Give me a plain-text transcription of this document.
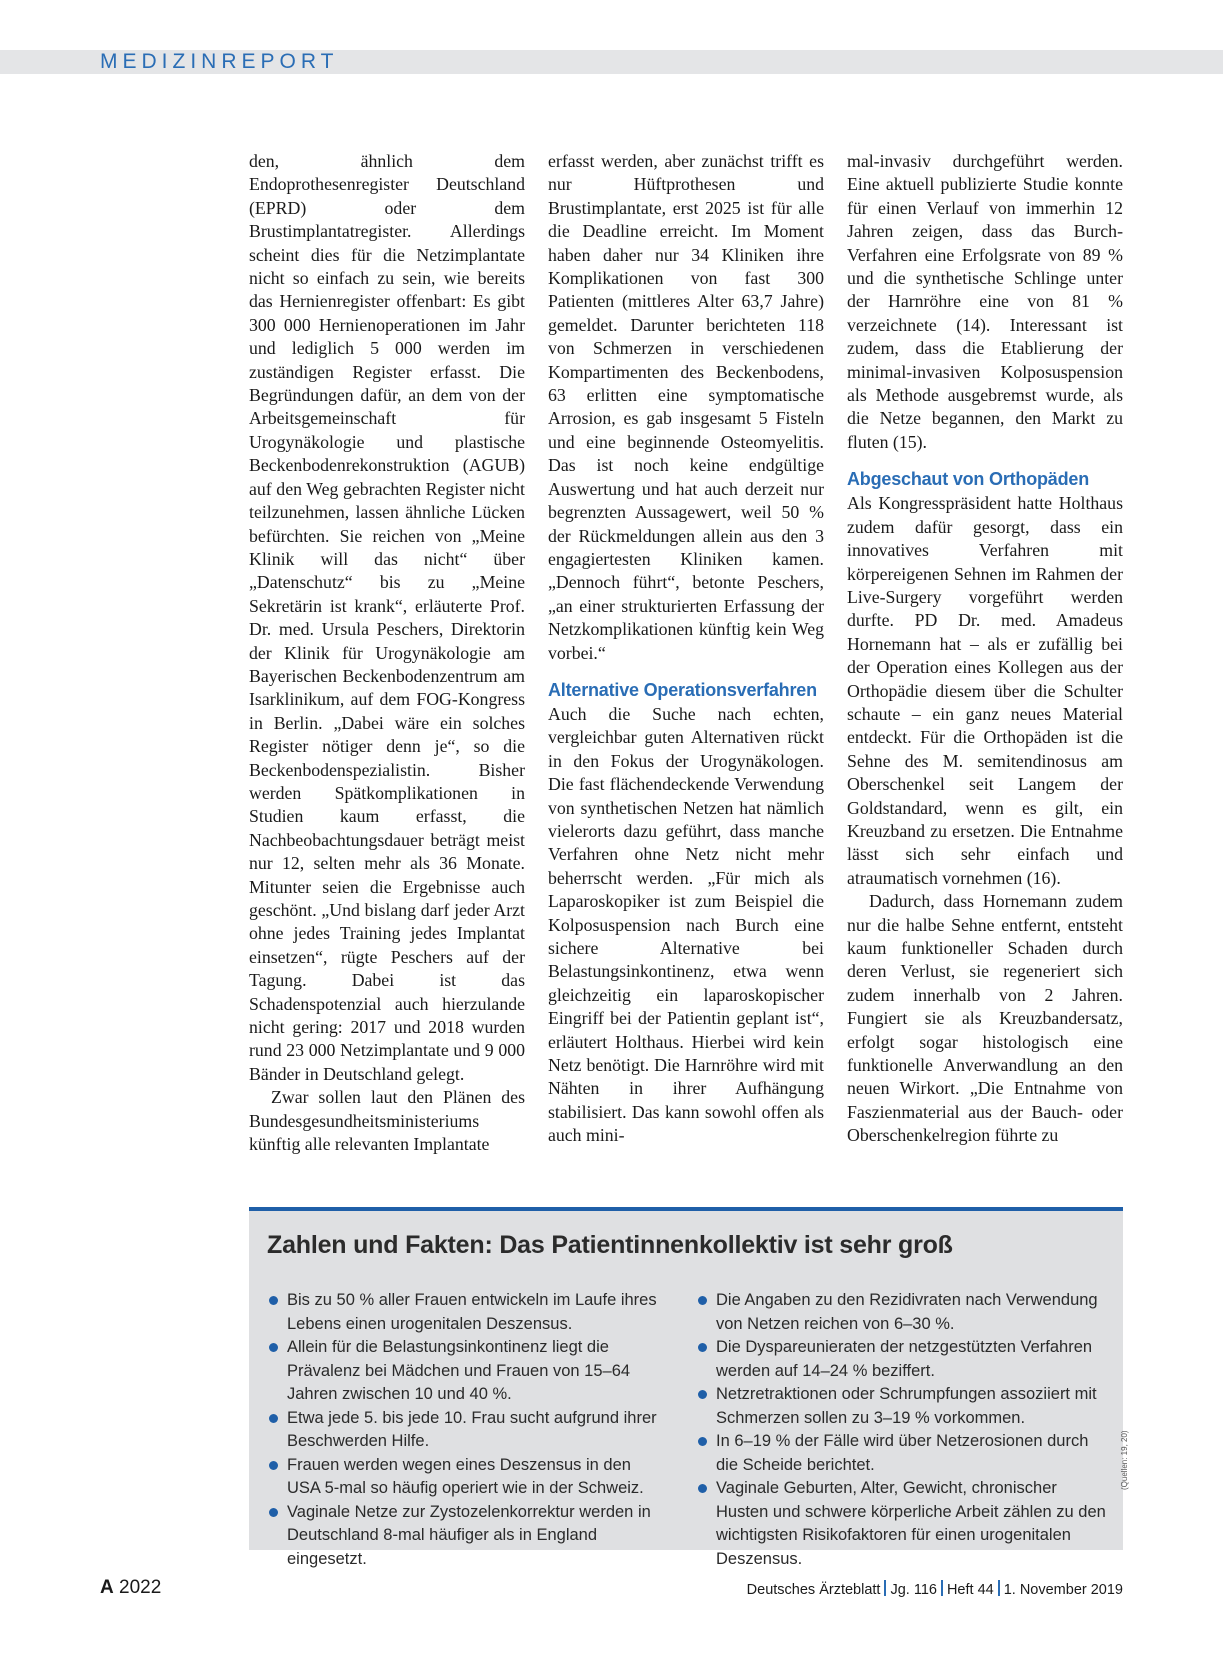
MEDIZINREPORT

den, ähnlich dem Endoprothesenregister Deutschland (EPRD) oder dem Brustimplantatregister. Allerdings scheint dies für die Netzimplantate nicht so einfach zu sein, wie bereits das Hernienregister offenbart: Es gibt 300 000 Hernienoperationen im Jahr und lediglich 5 000 werden im zuständigen Register erfasst. Die Begründungen dafür, an dem von der Arbeitsgemeinschaft für Urogynäkologie und plastische Beckenbodenrekonstruktion (AGUB) auf den Weg gebrachten Register nicht teilzunehmen, lassen ähnliche Lücken befürchten. Sie reichen von „Meine Klinik will das nicht“ über „Datenschutz“ bis zu „Meine Sekretärin ist krank“, erläuterte Prof. Dr. med. Ursula Peschers, Direktorin der Klinik für Urogynäkologie am Bayerischen Beckenbodenzentrum am Isarklinikum, auf dem FOG-Kongress in Berlin. „Dabei wäre ein solches Register nötiger denn je“, so die Beckenbodenspezialistin. Bisher werden Spätkomplikationen in Studien kaum erfasst, die Nachbeobachtungsdauer beträgt meist nur 12, selten mehr als 36 Monate. Mitunter seien die Ergebnisse auch geschönt. „Und bislang darf jeder Arzt ohne jedes Training jedes Implantat einsetzen“, rügte Peschers auf der Tagung. Dabei ist das Schadenspotenzial auch hierzulande nicht gering: 2017 und 2018 wurden rund 23 000 Netzimplantate und 9 000 Bänder in Deutschland gelegt.

Zwar sollen laut den Plänen des Bundesgesundheitsministeriums künftig alle relevanten Implantate

erfasst werden, aber zunächst trifft es nur Hüftprothesen und Brustimplantate, erst 2025 ist für alle die Deadline erreicht. Im Moment haben daher nur 34 Kliniken ihre Komplikationen von fast 300 Patienten (mittleres Alter 63,7 Jahre) gemeldet. Darunter berichteten 118 von Schmerzen in verschiedenen Kompartimenten des Beckenbodens, 63 erlitten eine symptomatische Arrosion, es gab insgesamt 5 Fisteln und eine beginnende Osteomyelitis. Das ist noch keine endgültige Auswertung und hat auch derzeit nur begrenzten Aussagewert, weil 50 % der Rückmeldungen allein aus den 3 engagiertesten Kliniken kamen. „Dennoch führt“, betonte Peschers, „an einer strukturierten Erfassung der Netzkomplikationen künftig kein Weg vorbei.“

Alternative Operationsverfahren

Auch die Suche nach echten, vergleichbar guten Alternativen rückt in den Fokus der Urogynäkologen. Die fast flächendeckende Verwendung von synthetischen Netzen hat nämlich vielerorts dazu geführt, dass manche Verfahren ohne Netz nicht mehr beherrscht werden. „Für mich als Laparoskopiker ist zum Beispiel die Kolposuspension nach Burch eine sichere Alternative bei Belastungsinkontinenz, etwa wenn gleichzeitig ein laparoskopischer Eingriff bei der Patientin geplant ist“, erläutert Holthaus. Hierbei wird kein Netz benötigt. Die Harnröhre wird mit Nähten in ihrer Aufhängung stabilisiert. Das kann sowohl offen als auch mini-

mal-invasiv durchgeführt werden. Eine aktuell publizierte Studie konnte für einen Verlauf von immerhin 12 Jahren zeigen, dass das Burch-Verfahren eine Erfolgsrate von 89 % und die synthetische Schlinge unter der Harnröhre eine von 81 % verzeichnete (14). Interessant ist zudem, dass die Etablierung der minimal-invasiven Kolposuspension als Methode ausgebremst wurde, als die Netze begannen, den Markt zu fluten (15).

Abgeschaut von Orthopäden

Als Kongresspräsident hatte Holthaus zudem dafür gesorgt, dass ein innovatives Verfahren mit körpereigenen Sehnen im Rahmen der Live-Surgery vorgeführt werden durfte. PD Dr. med. Amadeus Hornemann hat – als er zufällig bei der Operation eines Kollegen aus der Orthopädie diesem über die Schulter schaute – ein ganz neues Material entdeckt. Für die Orthopäden ist die Sehne des M. semitendinosus am Oberschenkel seit Langem der Goldstandard, wenn es gilt, ein Kreuzband zu ersetzen. Die Entnahme lässt sich sehr einfach und atraumatisch vornehmen (16).

Dadurch, dass Hornemann zudem nur die halbe Sehne entfernt, entsteht kaum funktioneller Schaden durch deren Verlust, sie regeneriert sich zudem innerhalb von 2 Jahren. Fungiert sie als Kreuzbandersatz, erfolgt sogar histologisch eine funktionelle Anverwandlung an den neuen Wirkort. „Die Entnahme von Faszienmaterial aus der Bauch- oder Oberschenkelregion führte zu

Zahlen und Fakten: Das Patientinnenkollektiv ist sehr groß
Bis zu 50 % aller Frauen entwickeln im Laufe ihres Lebens einen urogenitalen Deszensus.
Allein für die Belastungsinkontinenz liegt die Prävalenz bei Mädchen und Frauen von 15–64 Jahren zwischen 10 und 40 %.
Etwa jede 5. bis jede 10. Frau sucht aufgrund ihrer Beschwerden Hilfe.
Frauen werden wegen eines Deszensus in den USA 5-mal so häufig operiert wie in der Schweiz.
Vaginale Netze zur Zystozelenkorrektur werden in Deutschland 8-mal häufiger als in England eingesetzt.
Die Angaben zu den Rezidivraten nach Verwendung von Netzen reichen von 6–30 %.
Die Dyspareunieraten der netzgestützten Verfahren werden auf 14–24 % beziffert.
Netzretraktionen oder Schrumpfungen assoziiert mit Schmerzen sollen zu 3–19 % vorkommen.
In 6–19 % der Fälle wird über Netzerosionen durch die Scheide berichtet.
Vaginale Geburten, Alter, Gewicht, chronischer Husten und schwere körperliche Arbeit zählen zu den wichtigsten Risikofaktoren für einen urogenitalen Deszensus.
(Quellen: 19, 20)
A 2022	Deutsches Ärzteblatt Jg. 116 Heft 44 1. November 2019
